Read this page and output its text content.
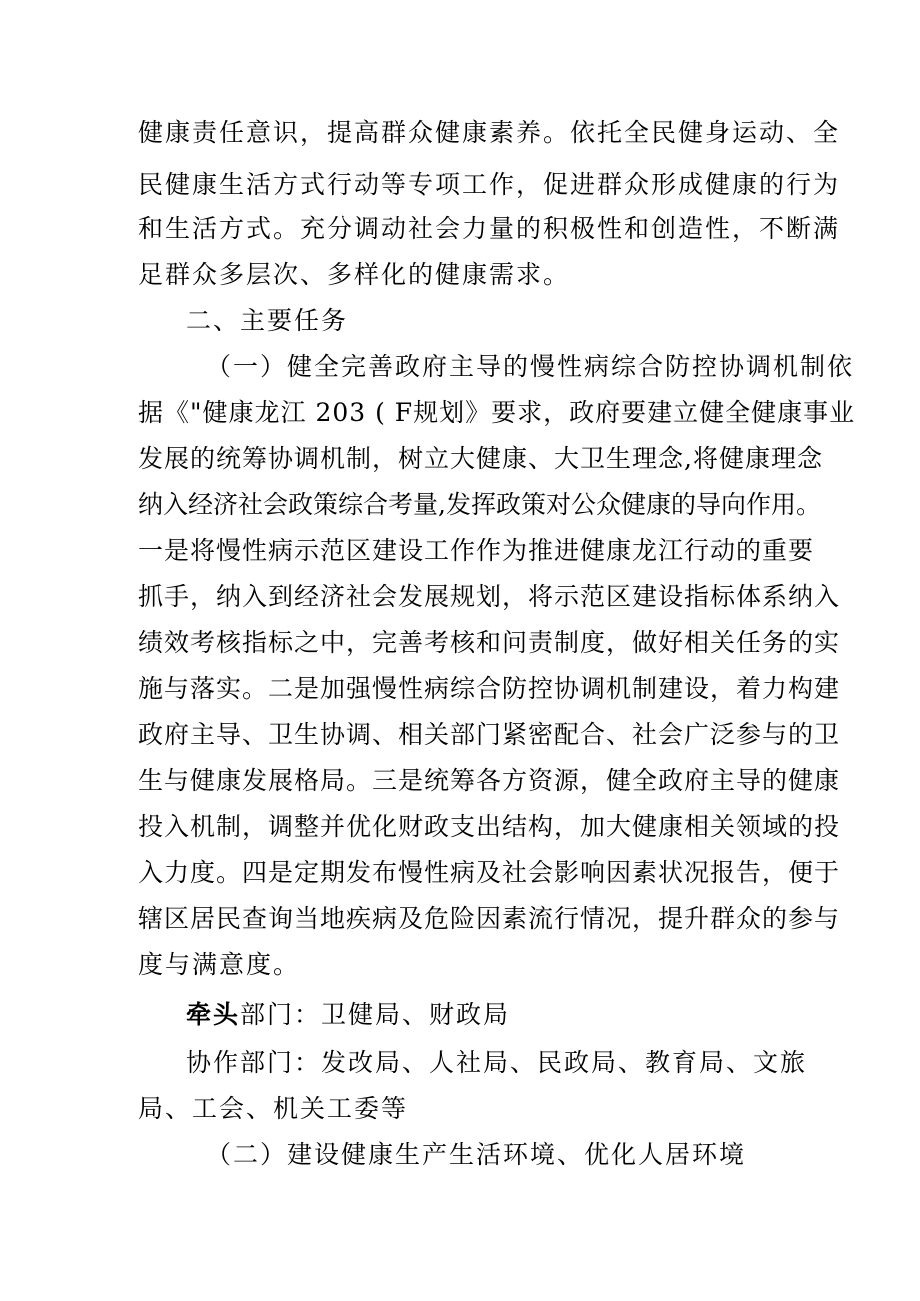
健康责任意识，提高群众健康素养。依托全民健身运动、全
民健康生活方式行动等专项工作，促进群众形成健康的行为
和生活方式。充分调动社会力量的积极性和创造性，不断满
足群众多层次、多样化的健康需求。
二、主要任务
（一）健全完善政府主导的慢性病综合防控协调机制依
据《"健康龙江 203 ( F规划》要求，政府要建立健全健康事业
发展的统筹协调机制，树立大健康、大卫生理念,将健康理念
纳入经济社会政策综合考量,发挥政策对公众健康的导向作用。
一是将慢性病示范区建设工作作为推进健康龙江行动的重要
抓手，纳入到经济社会发展规划，将示范区建设指标体系纳入
绩效考核指标之中，完善考核和问责制度，做好相关任务的实
施与落实。二是加强慢性病综合防控协调机制建设，着力构建
政府主导、卫生协调、相关部门紧密配合、社会广泛参与的卫
生与健康发展格局。三是统筹各方资源，健全政府主导的健康
投入机制，调整并优化财政支出结构，加大健康相关领域的投
入力度。四是定期发布慢性病及社会影响因素状况报告，便于
辖区居民查询当地疾病及危险因素流行情况，提升群众的参与
度与满意度。
牵头部门：卫健局、财政局
协作部门：发改局、人社局、民政局、教育局、文旅
局、工会、机关工委等
（二）建设健康生产生活环境、优化人居环境
